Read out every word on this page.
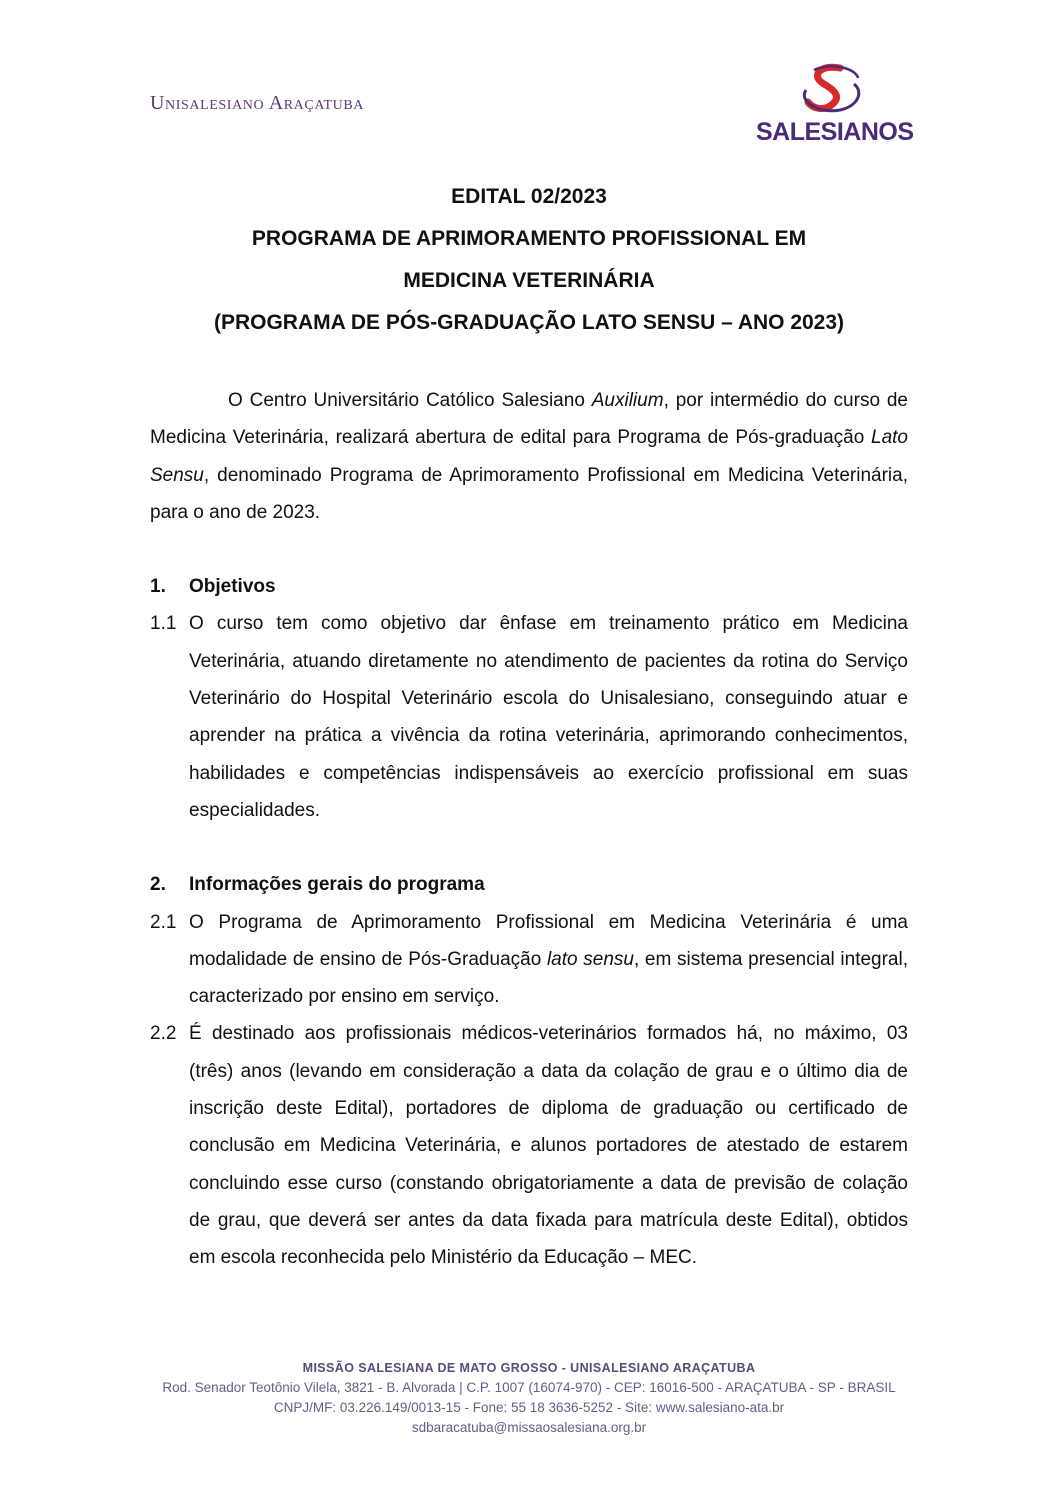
Unisalesiano Araçatuba
SALESIANOS

EDITAL 02/2023

PROGRAMA DE APRIMORAMENTO PROFISSIONAL EM

MEDICINA VETERINÁRIA

(PROGRAMA DE PÓS-GRADUAÇÃO LATO SENSU – ANO 2023)

O Centro Universitário Católico Salesiano Auxilium, por intermédio do curso de Medicina Veterinária, realizará abertura de edital para Programa de Pós-graduação Lato Sensu, denominado Programa de Aprimoramento Profissional em Medicina Veterinária, para o ano de 2023.

1.	Objetivos
1.1 O curso tem como objetivo dar ênfase em treinamento prático em Medicina Veterinária, atuando diretamente no atendimento de pacientes da rotina do Serviço Veterinário do Hospital Veterinário escola do Unisalesiano, conseguindo atuar e aprender na prática a vivência da rotina veterinária, aprimorando conhecimentos, habilidades e competências indispensáveis ao exercício profissional em suas especialidades.
2.	Informações gerais do programa
2.1 O Programa de Aprimoramento Profissional em Medicina Veterinária é uma modalidade de ensino de Pós-Graduação lato sensu, em sistema presencial integral, caracterizado por ensino em serviço.
2.2 É destinado aos profissionais médicos-veterinários formados há, no máximo, 03 (três) anos (levando em consideração a data da colação de grau e o último dia de inscrição deste Edital), portadores de diploma de graduação ou certificado de conclusão em Medicina Veterinária, e alunos portadores de atestado de estarem concluindo esse curso (constando obrigatoriamente a data de previsão de colação de grau, que deverá ser antes da data fixada para matrícula deste Edital), obtidos em escola reconhecida pelo Ministério da Educação – MEC.
MISSÃO SALESIANA DE MATO GROSSO - UNISALESIANO ARAÇATUBA
Rod. Senador Teotônio Vilela, 3821 - B. Alvorada | C.P. 1007 (16074-970) - CEP: 16016-500 - ARAÇATUBA - SP - BRASIL
CNPJ/MF: 03.226.149/0013-15 - Fone: 55 18 3636-5252 - Site: www.salesiano-ata.br
sdbaracatuba@missaosalesiana.org.br
